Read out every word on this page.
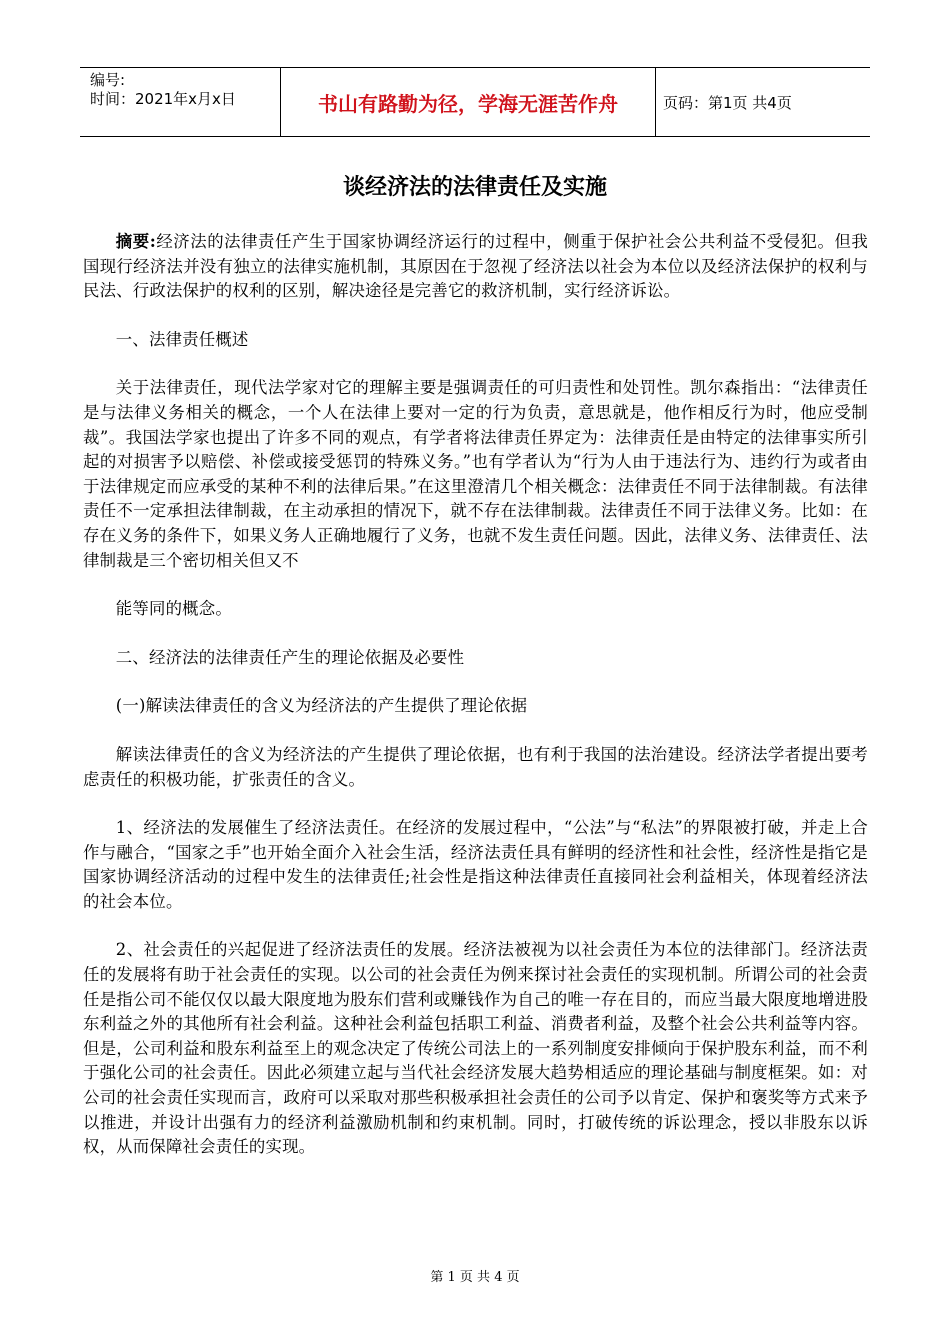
编号:
时间：2021年x月x日	书山有路勤为径，学海无涯苦作舟	页码：第1页 共4页
谈经济法的法律责任及实施

摘要:经济法的法律责任产生于国家协调经济运行的过程中，侧重于保护社会公共利益不受侵犯。但我国现行经济法并没有独立的法律实施机制，其原因在于忽视了经济法以社会为本位以及经济法保护的权利与民法、行政法保护的权利的区别，解决途径是完善它的救济机制，实行经济诉讼。

一、法律责任概述

关于法律责任，现代法学家对它的理解主要是强调责任的可归责性和处罚性。凯尔森指出：“法律责任是与法律义务相关的概念，一个人在法律上要对一定的行为负责，意思就是，他作相反行为时，他应受制裁”。我国法学家也提出了许多不同的观点，有学者将法律责任界定为：法律责任是由特定的法律事实所引起的对损害予以赔偿、补偿或接受惩罚的特殊义务。”也有学者认为“行为人由于违法行为、违约行为或者由于法律规定而应承受的某种不利的法律后果。”在这里澄清几个相关概念：法律责任不同于法律制裁。有法律责任不一定承担法律制裁，在主动承担的情况下，就不存在法律制裁。法律责任不同于法律义务。比如：在存在义务的条件下，如果义务人正确地履行了义务，也就不发生责任问题。因此，法律义务、法律责任、法律制裁是三个密切相关但又不

能等同的概念。

二、经济法的法律责任产生的理论依据及必要性

(一)解读法律责任的含义为经济法的产生提供了理论依据

解读法律责任的含义为经济法的产生提供了理论依据，也有利于我国的法治建设。经济法学者提出要考虑责任的积极功能，扩张责任的含义。

1、经济法的发展催生了经济法责任。在经济的发展过程中，“公法”与“私法”的界限被打破，并走上合作与融合，“国家之手”也开始全面介入社会生活，经济法责任具有鲜明的经济性和社会性，经济性是指它是国家协调经济活动的过程中发生的法律责任;社会性是指这种法律责任直接同社会利益相关，体现着经济法的社会本位。

2、社会责任的兴起促进了经济法责任的发展。经济法被视为以社会责任为本位的法律部门。经济法责任的发展将有助于社会责任的实现。以公司的社会责任为例来探讨社会责任的实现机制。所谓公司的社会责任是指公司不能仅仅以最大限度地为股东们营利或赚钱作为自己的唯一存在目的，而应当最大限度地增进股东利益之外的其他所有社会利益。这种社会利益包括职工利益、消费者利益，及整个社会公共利益等内容。但是，公司利益和股东利益至上的观念决定了传统公司法上的一系列制度安排倾向于保护股东利益，而不利于强化公司的社会责任。因此必须建立起与当代社会经济发展大趋势相适应的理论基础与制度框架。如：对公司的社会责任实现而言，政府可以采取对那些积极承担社会责任的公司予以肯定、保护和褒奖等方式来予以推进，并设计出强有力的经济利益激励机制和约束机制。同时，打破传统的诉讼理念，授以非股东以诉权，从而保障社会责任的实现。

第 1 页 共 4 页
